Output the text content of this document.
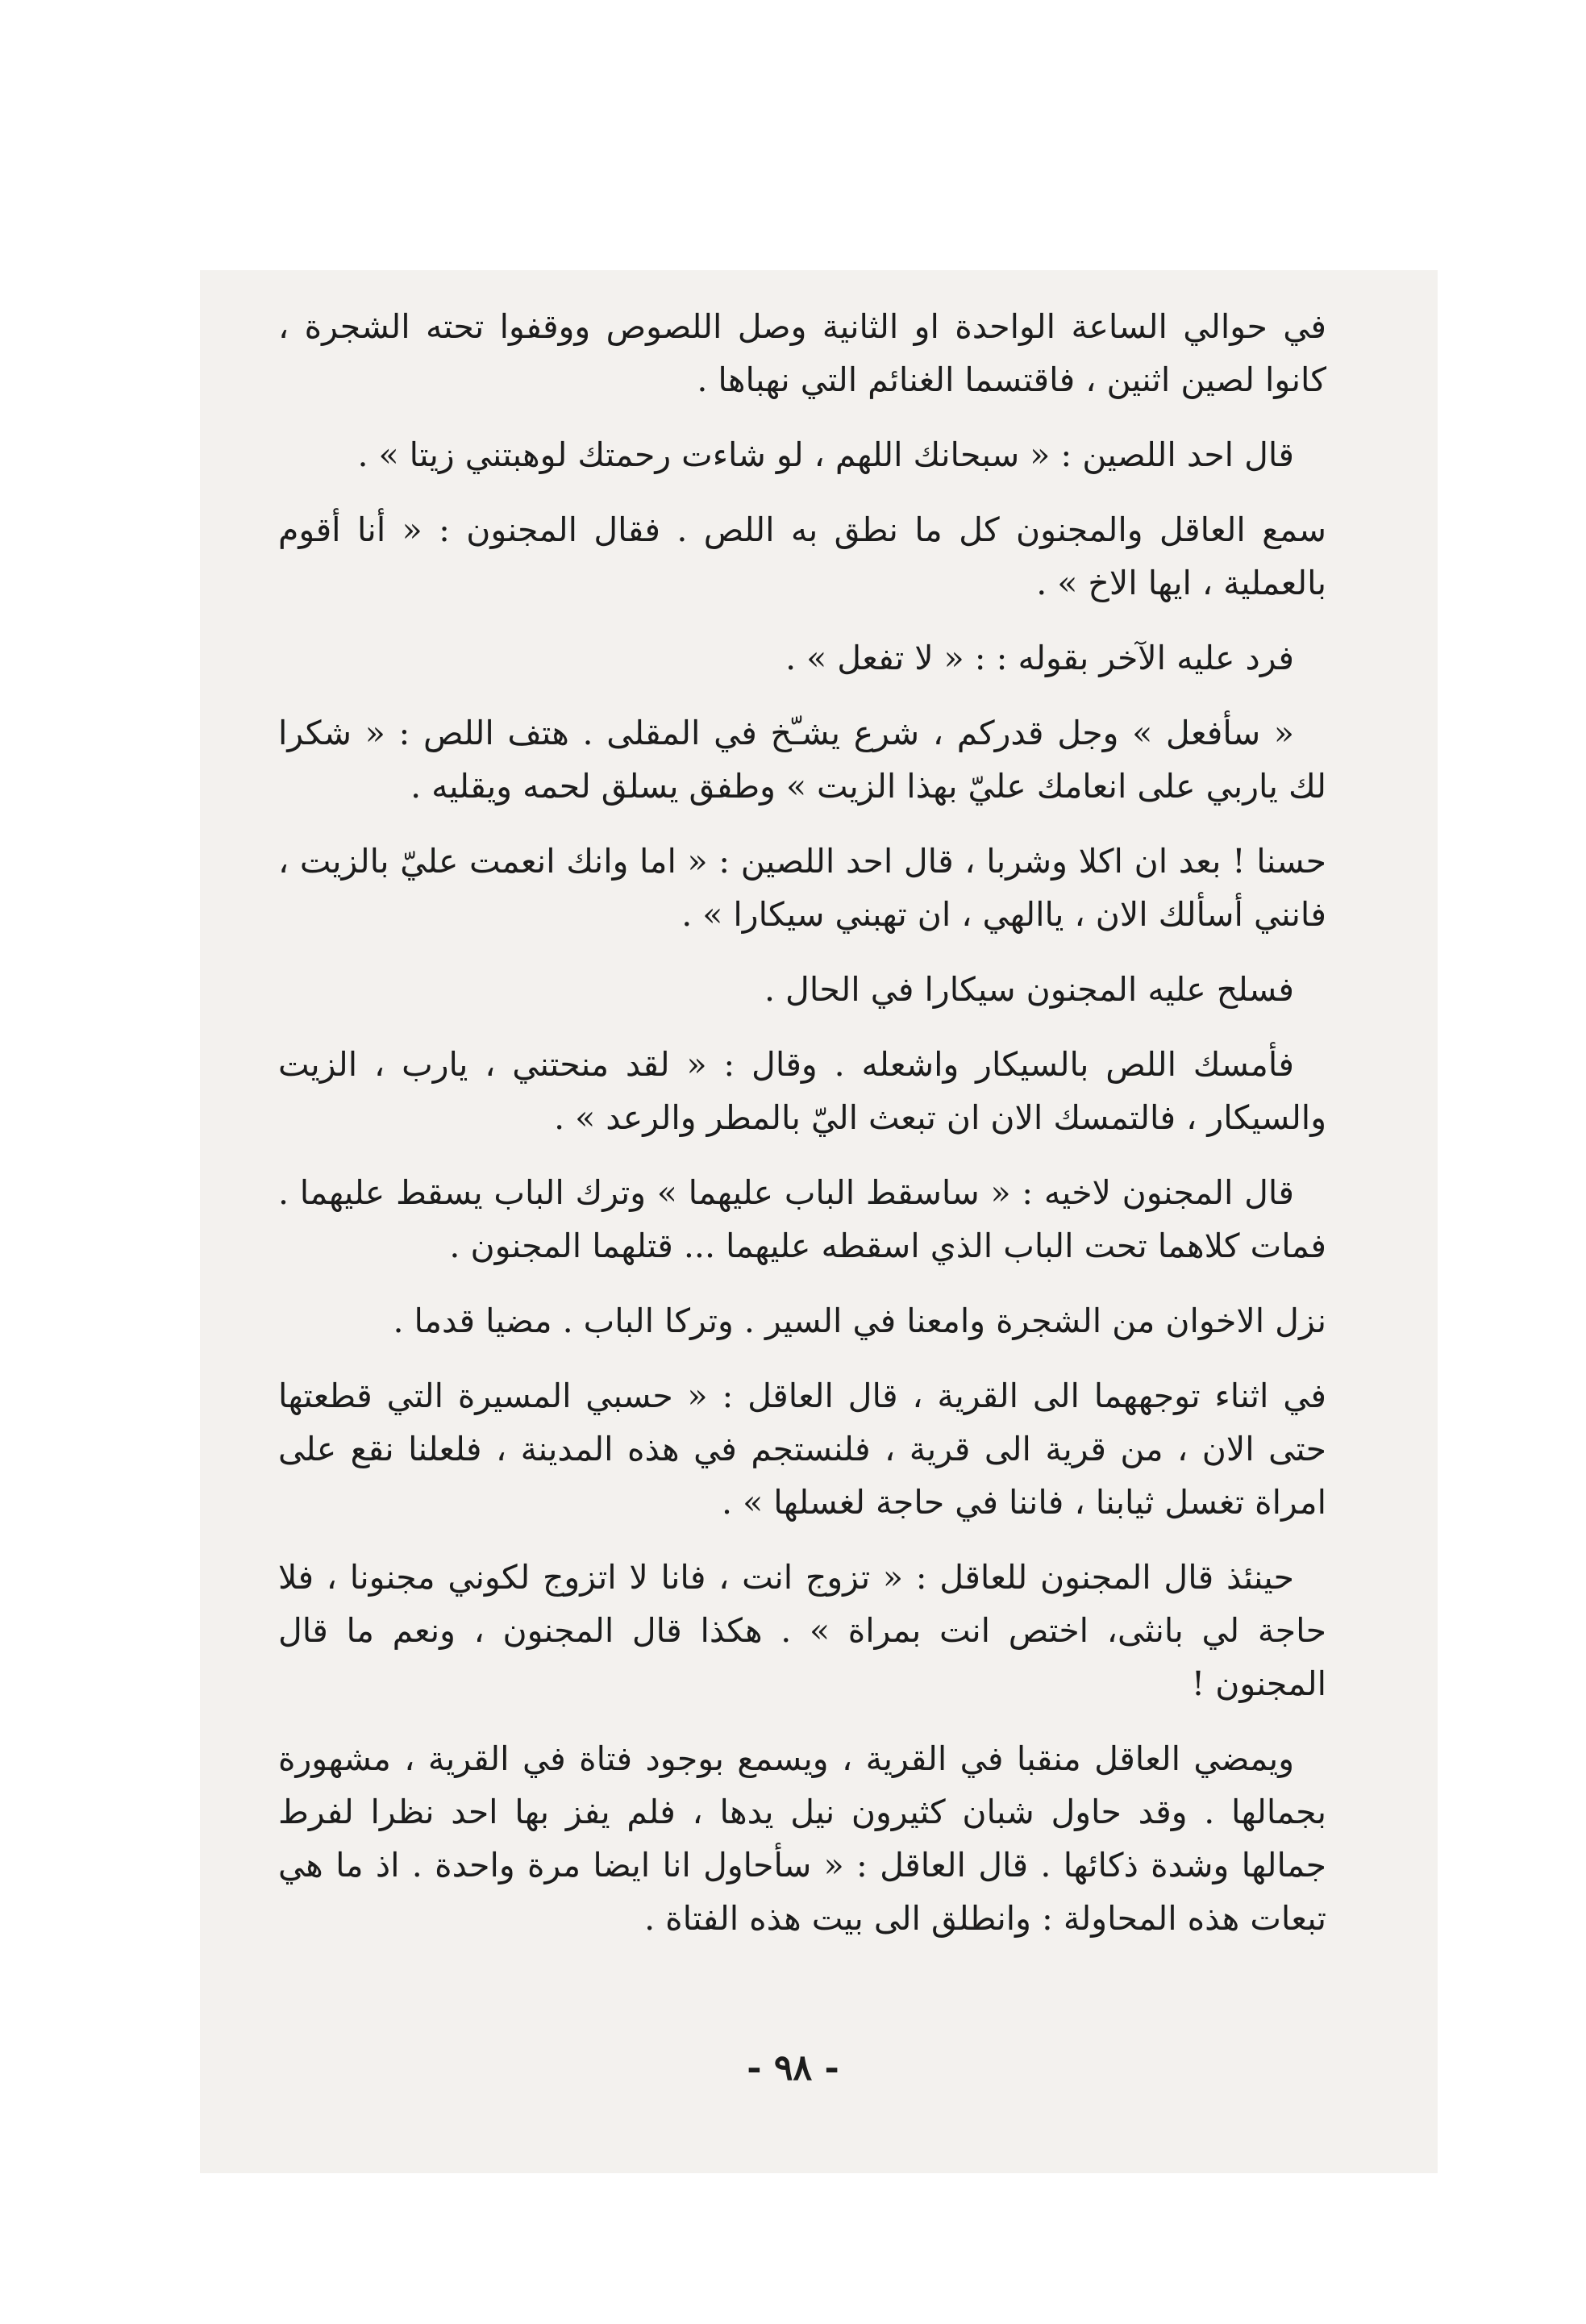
في حوالي الساعة الواحدة او الثانية وصل اللصوص ووقفوا تحته الشجرة ، كانوا لصين اثنين ، فاقتسما الغنائم التي نهباها .

قال احد اللصين : « سبحانك اللهم ، لو شاءت رحمتك لوهبتني زيتا » .

سمع العاقل والمجنون كل ما نطق به اللص . فقال المجنون : « أنا أقوم بالعملية ، ايها الاخ » .

فرد عليه الآخر بقوله : : « لا تفعل » .

« سأفعل » وجل قدركم ، شرع يشـّخ في المقلى . هتف اللص : « شكرا لك ياربي على انعامك عليّ بهذا الزيت » وطفق يسلق لحمه ويقليه .

حسنا ! بعد ان اكلا وشربا ، قال احد اللصين : « اما وانك انعمت عليّ بالزيت ، فانني أسألك الان ، ياالهي ، ان تهبني سيكارا » .

فسلح عليه المجنون سيكارا في الحال .

فأمسك اللص بالسيكار واشعله . وقال : « لقد منحتني ، يارب ، الزيت والسيكار ، فالتمسك الان ان تبعث اليّ بالمطر والرعد » .

قال المجنون لاخيه : « ساسقط الباب عليهما » وترك الباب يسقط عليهما . فمات كلاهما تحت الباب الذي اسقطه عليهما ... قتلهما المجنون .

نزل الاخوان من الشجرة وامعنا في السير . وتركا الباب . مضيا قدما .

في اثناء توجههما الى القرية ، قال العاقل : « حسبي المسيرة التي قطعتها حتى الان ، من قرية الى قرية ، فلنستجم في هذه المدينة ، فلعلنا نقع على امراة تغسل ثيابنا ، فاننا في حاجة لغسلها » .

حينئذ قال المجنون للعاقل : « تزوج انت ، فانا لا اتزوج لكوني مجنونا ، فلا حاجة لي بانثى، اختص انت بمراة » . هكذا قال المجنون ، ونعم ما قال المجنون !

ويمضي العاقل منقبا في القرية ، ويسمع بوجود فتاة في القرية ، مشهورة بجمالها . وقد حاول شبان كثيرون نيل يدها ، فلم يفز بها احد نظرا لفرط جمالها وشدة ذكائها . قال العاقل : « سأحاول انا ايضا مرة واحدة . اذ ما هي تبعات هذه المحاولة : وانطلق الى بيت هذه الفتاة .

- ٩٨ -
